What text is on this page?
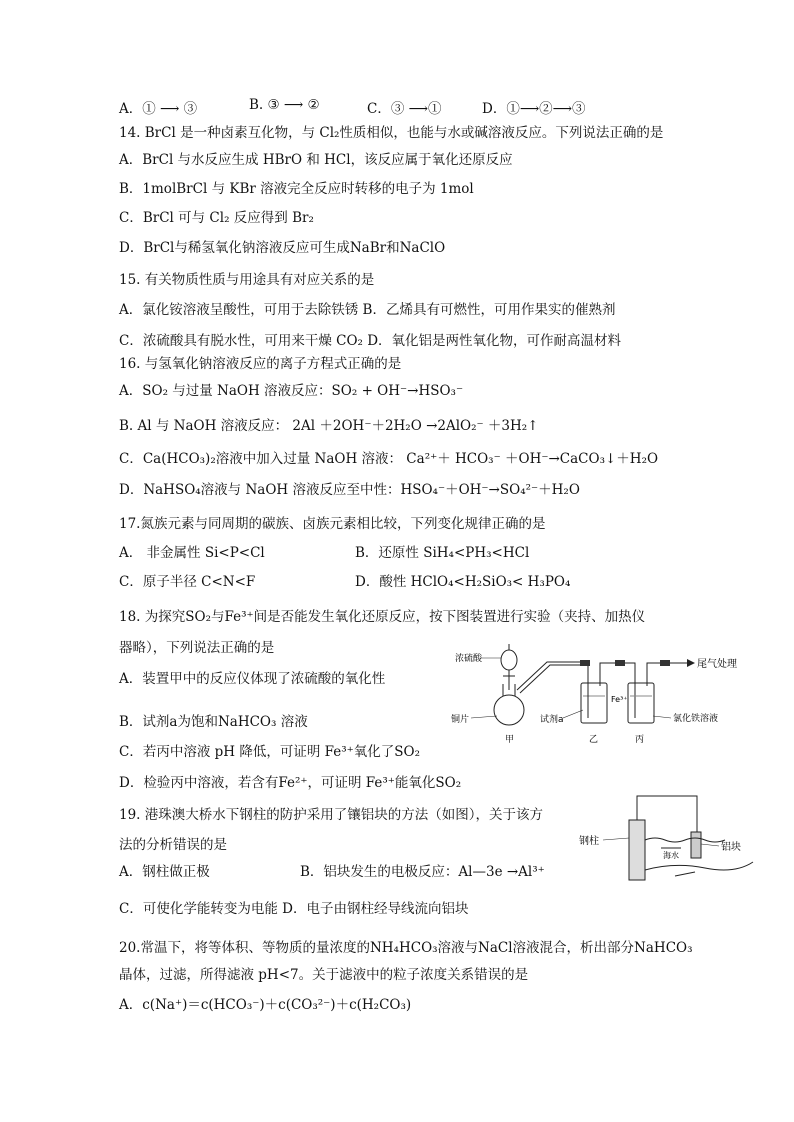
A．① ⟶ ③	B. ③ ⟶ ②	C．③ ⟶①	D．①⟶②⟶③
14. BrCl 是一种卤素互化物，与 Cl₂性质相似，也能与水或碱溶液反应。下列说法正确的是
A．BrCl 与水反应生成 HBrO 和 HCl，该反应属于氧化还原反应
B．1molBrCl 与 KBr 溶液完全反应时转移的电子为 1mol
C．BrCl 可与 Cl₂ 反应得到 Br₂
D．BrCl与稀氢氧化钠溶液反应可生成NaBr和NaClO
15. 有关物质性质与用途具有对应关系的是
A．氯化铵溶液呈酸性，可用于去除铁锈 B．乙烯具有可燃性，可用作果实的催熟剂
C．浓硫酸具有脱水性，可用来干燥 CO₂ D．氧化铝是两性氧化物，可作耐高温材料
16. 与氢氧化钠溶液反应的离子方程式正确的是
A．SO₂ 与过量 NaOH 溶液反应：SO₂ + OH⁻→HSO₃⁻
B. Al 与 NaOH 溶液反应： 2Al ＋2OH⁻＋2H₂O →2AlO₂⁻ ＋3H₂↑
C．Ca(HCO₃)₂溶液中加入过量 NaOH 溶液： Ca²⁺＋ HCO₃⁻ ＋OH⁻→CaCO₃↓＋H₂O
D．NaHSO₄溶液与 NaOH 溶液反应至中性：HSO₄⁻＋OH⁻→SO₄²⁻＋H₂O
17.氮族元素与同周期的碳族、卤族元素相比较，下列变化规律正确的是
A． 非金属性 Si<P<Cl	B．还原性 SiH₄<PH₃<HCl
C．原子半径 C<N<F	D．酸性 HClO₄<H₂SiO₃< H₃PO₄
18. 为探究SO₂与Fe³⁺间是否能发生氧化还原反应，按下图装置进行实验（夹持、加热仪
器略），下列说法正确的是
A．装置甲中的反应仪体现了浓硫酸的氧化性
B．试剂a为饱和NaHCO₃ 溶液
C．若丙中溶液 pH 降低，可证明 Fe³⁺氧化了SO₂
D．检验丙中溶液，若含有Fe²⁺，可证明 Fe³⁺能氧化SO₂
浓硫酸	尾气处理
铜片	试剂a
Fe³⁺
氯化铁溶液
甲	乙	丙
19. 港珠澳大桥水下钢柱的防护采用了镶铝块的方法（如图），关于该方
法的分析错误的是
A．钢柱做正极	B．铝块发生的电极反应：Al—3e →Al³⁺
C．可使化学能转变为电能 D．电子由钢柱经导线流向铝块
钢柱
海水
铝块
20.常温下，将等体积、等物质的量浓度的NH₄HCO₃溶液与NaCl溶液混合，析出部分NaHCO₃
晶体，过滤，所得滤液 pH<7。关于滤液中的粒子浓度关系错误的是
A．c(Na⁺)＝c(HCO₃⁻)＋c(CO₃²⁻)＋c(H₂CO₃)
